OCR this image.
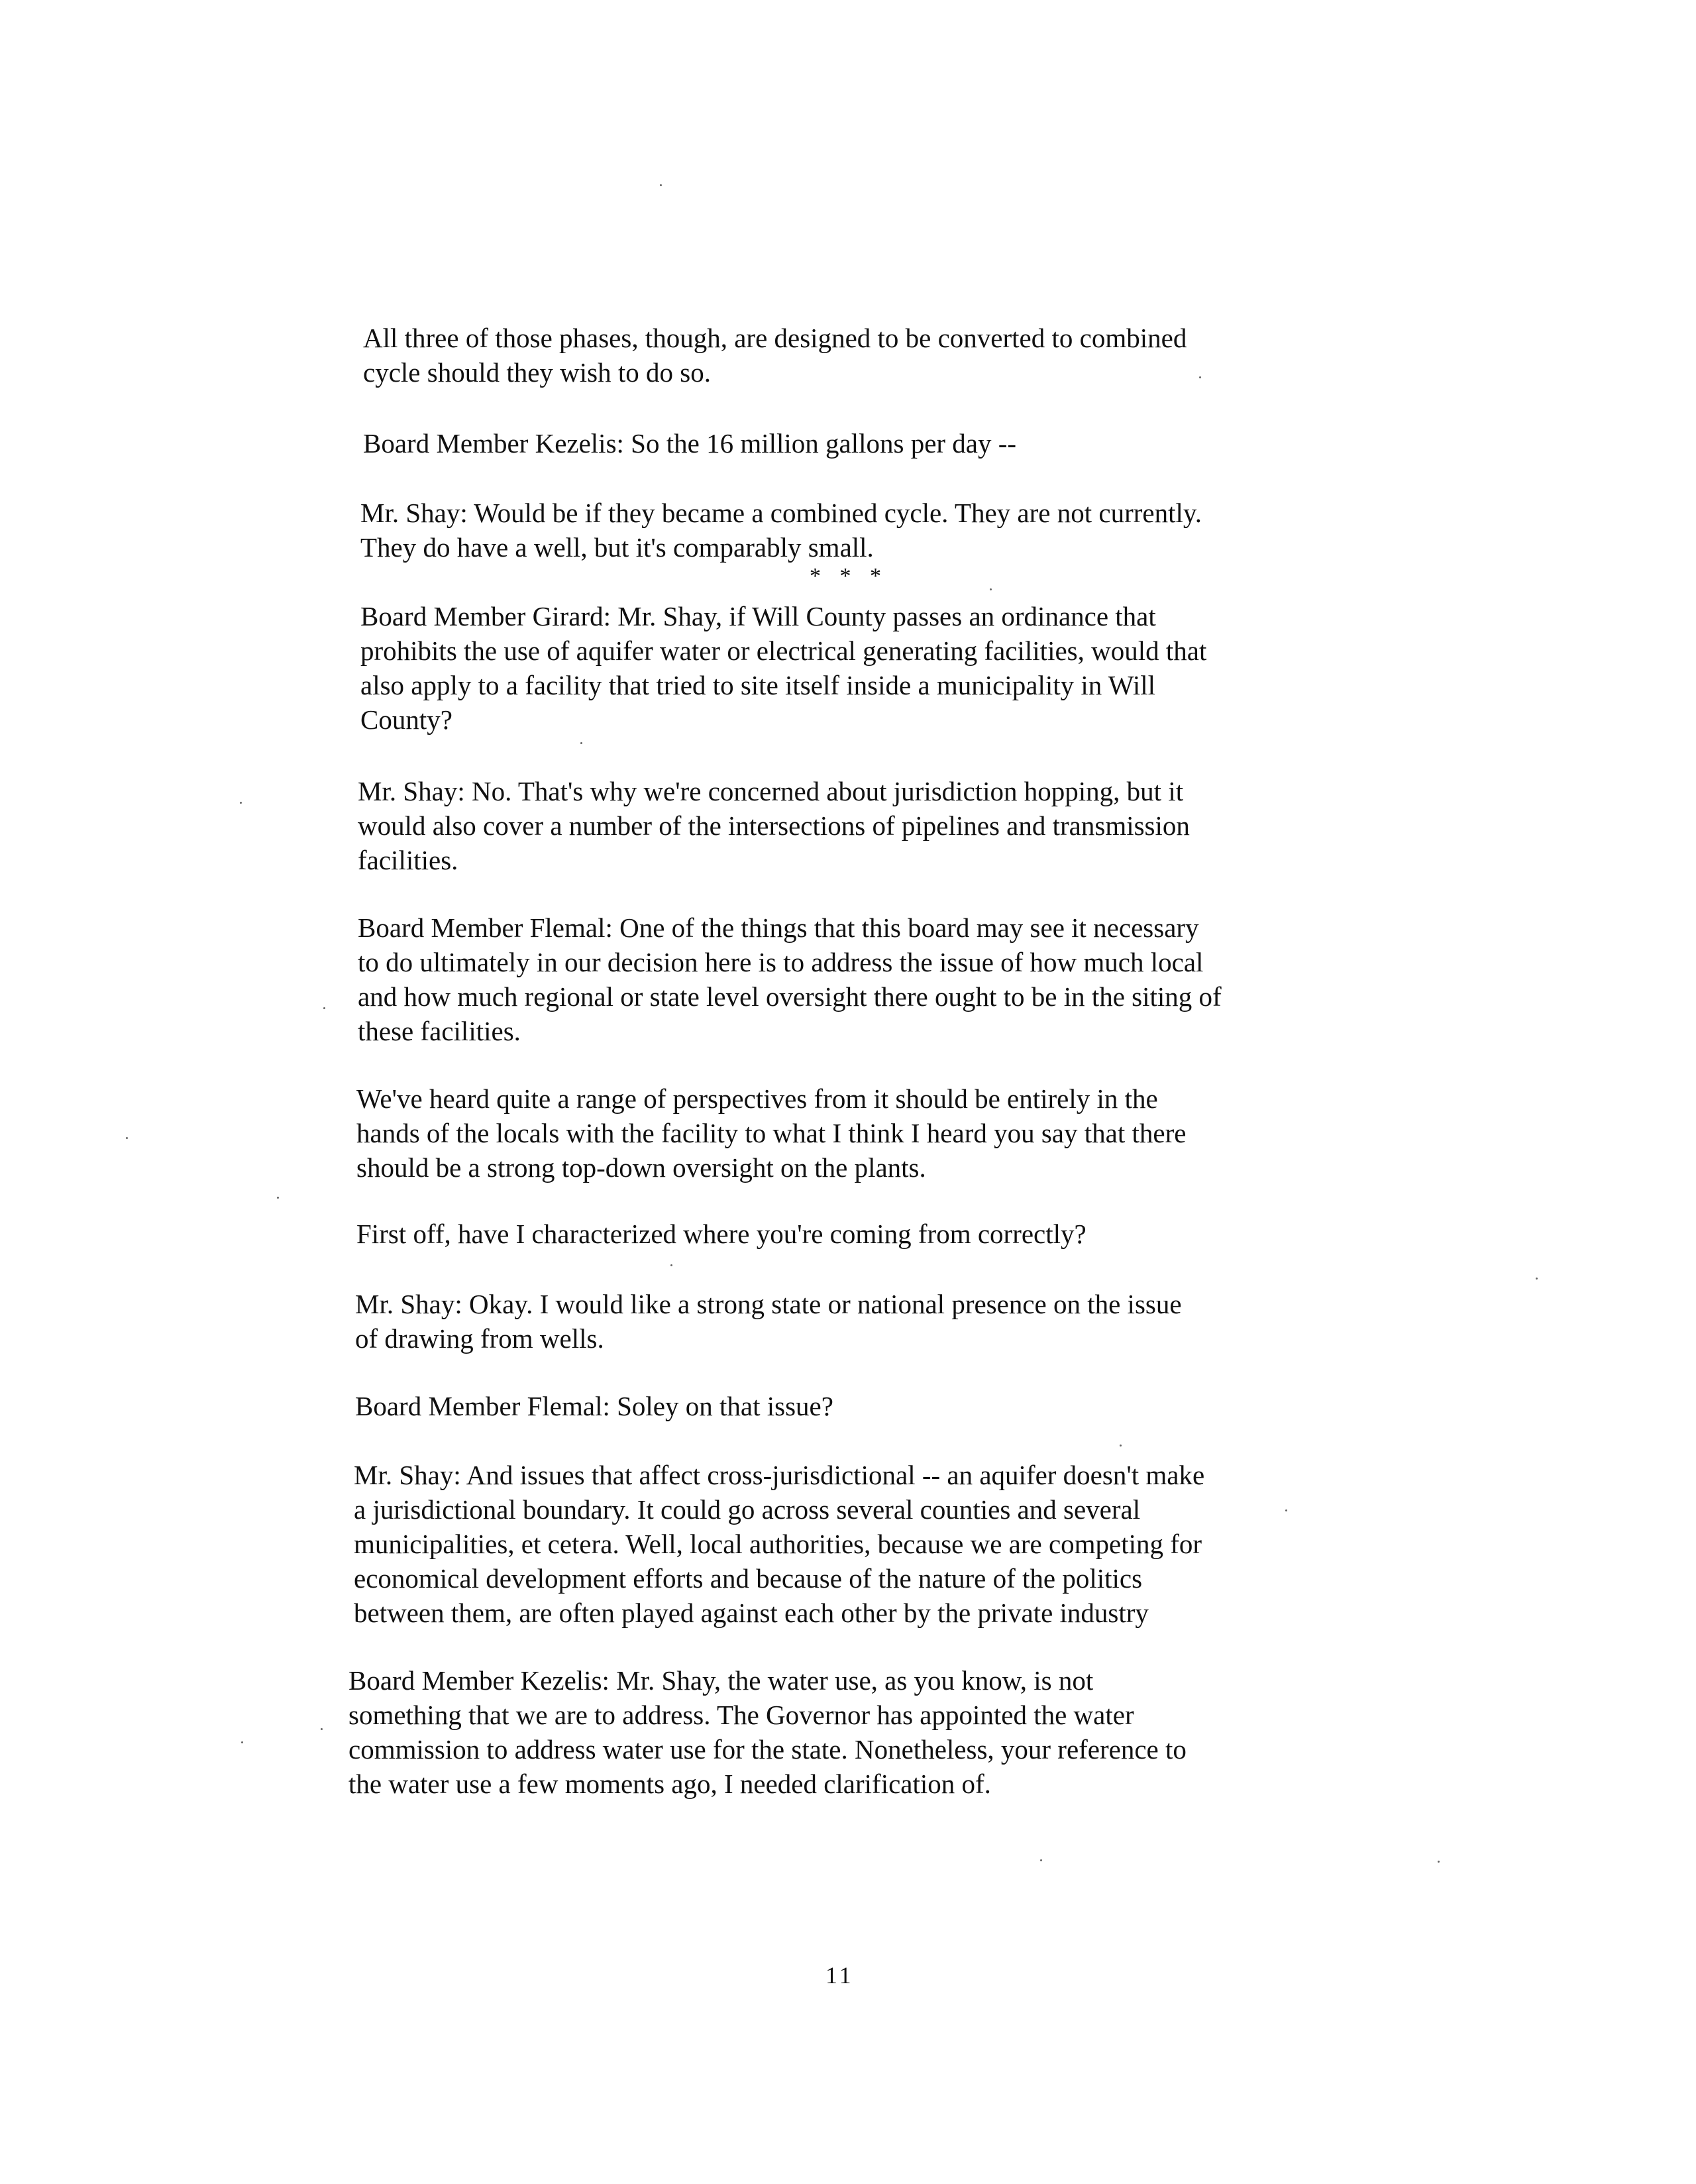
All three of those phases, though, are designed to be converted to combined
cycle should they wish to do so.

Board Member Kezelis: So the 16 million gallons per day --

Mr. Shay: Would be if they became a combined cycle. They are not currently.
They do have a well, but it's comparably small.

* * *

Board Member Girard: Mr. Shay, if Will County passes an ordinance that
prohibits the use of aquifer water or electrical generating facilities, would that
also apply to a facility that tried to site itself inside a municipality in Will
County?

Mr. Shay: No. That's why we're concerned about jurisdiction hopping, but it
would also cover a number of the intersections of pipelines and transmission
facilities.

Board Member Flemal: One of the things that this board may see it necessary
to do ultimately in our decision here is to address the issue of how much local
and how much regional or state level oversight there ought to be in the siting of
these facilities.

We've heard quite a range of perspectives from it should be entirely in the
hands of the locals with the facility to what I think I heard you say that there
should be a strong top-down oversight on the plants.

First off, have I characterized where you're coming from correctly?

Mr. Shay: Okay. I would like a strong state or national presence on the issue
of drawing from wells.

Board Member Flemal: Soley on that issue?

Mr. Shay: And issues that affect cross-jurisdictional -- an aquifer doesn't make
a jurisdictional boundary. It could go across several counties and several
municipalities, et cetera. Well, local authorities, because we are competing for
economical development efforts and because of the nature of the politics
between them, are often played against each other by the private industry

Board Member Kezelis: Mr. Shay, the water use, as you know, is not
something that we are to address. The Governor has appointed the water
commission to address water use for the state. Nonetheless, your reference to
the water use a few moments ago, I needed clarification of.

11
